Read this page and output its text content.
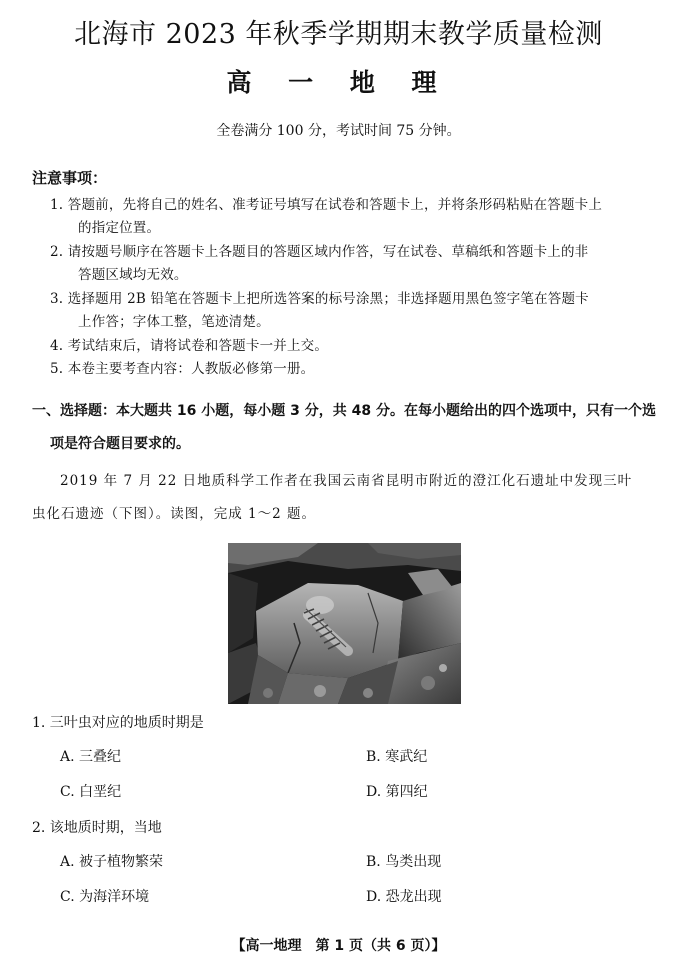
北海市 2023 年秋季学期期末教学质量检测
高 一 地 理
全卷满分 100 分，考试时间 75 分钟。
注意事项：
1. 答题前，先将自己的姓名、准考证号填写在试卷和答题卡上，并将条形码粘贴在答题卡上
的指定位置。
2. 请按题号顺序在答题卡上各题目的答题区域内作答，写在试卷、草稿纸和答题卡上的非
答题区域均无效。
3. 选择题用 2B 铅笔在答题卡上把所选答案的标号涂黑；非选择题用黑色签字笔在答题卡
上作答；字体工整，笔迹清楚。
4. 考试结束后，请将试卷和答题卡一并上交。
5. 本卷主要考查内容：人教版必修第一册。
一、选择题：本大题共 16 小题，每小题 3 分，共 48 分。在每小题给出的四个选项中，只有一个选
项是符合题目要求的。
2019 年 7 月 22 日地质科学工作者在我国云南省昆明市附近的澄江化石遗址中发现三叶
虫化石遗迹（下图）。读图，完成 1～2 题。
1. 三叶虫对应的地质时期是
A. 三叠纪	B. 寒武纪
C. 白垩纪	D. 第四纪
2. 该地质时期，当地
A. 被子植物繁荣	B. 鸟类出现
C. 为海洋环境	D. 恐龙出现
【高一地理　第 1 页（共 6 页）】
